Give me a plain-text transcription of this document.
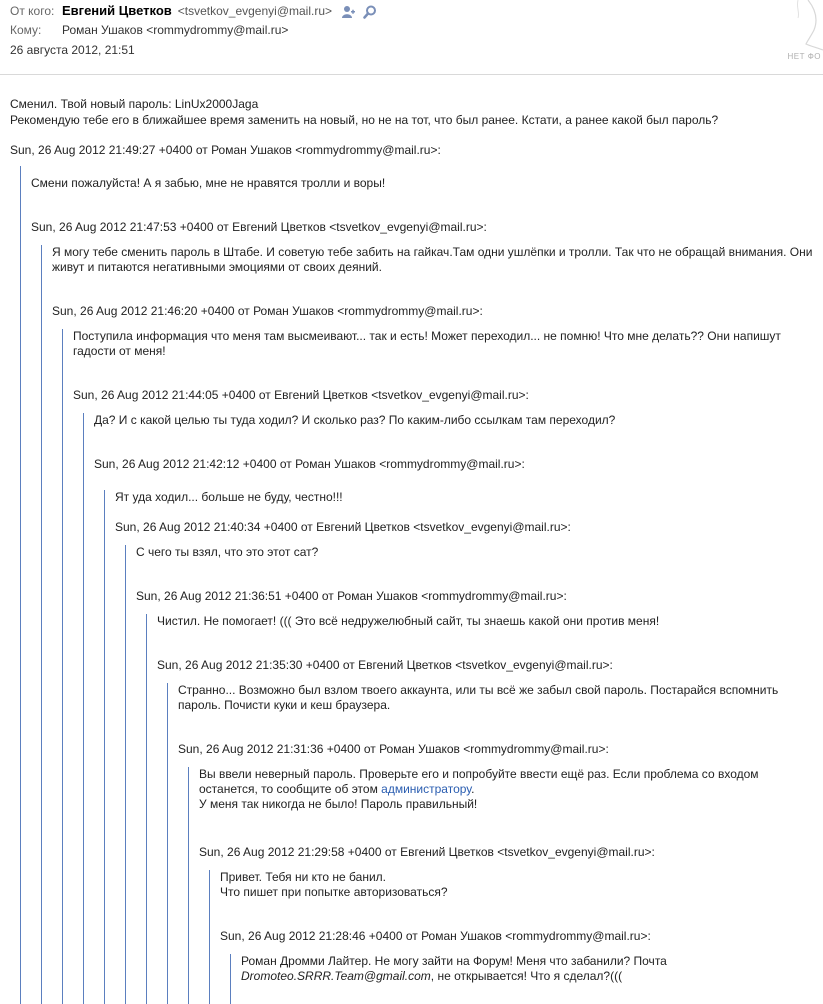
От кого: Евгений Цветков <tsvetkov_evgenyi@mail.ru>
Кому: Роман Ушаков <rommydrommy@mail.ru>
26 августа 2012, 21:51	НЕТ ФО

Сменил. Твой новый пароль: LinUx2000Jaga

Рекомендую тебе его в ближайшее время заменить на новый, но не на тот, что был ранее. Кстати, а ранее какой был пароль?

Sun, 26 Aug 2012 21:49:27 +0400 от Роман Ушаков <rommydrommy@mail.ru>:
Смени пожалуйста! А я забью, мне не нравятся тролли и воры!
Sun, 26 Aug 2012 21:47:53 +0400 от Евгений Цветков <tsvetkov_evgenyi@mail.ru>:
Я могу тебе сменить пароль в Штабе. И советую тебе забить на гайкач.Там одни ушлёпки и тролли. Так что не обращай внимания. Они живут и питаются негативными эмоциями от своих деяний.
Sun, 26 Aug 2012 21:46:20 +0400 от Роман Ушаков <rommydrommy@mail.ru>:
Поступила информация что меня там высмеивают... так и есть! Может переходил... не помню! Что мне делать?? Они напишут гадости от меня!
Sun, 26 Aug 2012 21:44:05 +0400 от Евгений Цветков <tsvetkov_evgenyi@mail.ru>:
Да? И с какой целью ты туда ходил? И сколько раз? По каким-либо ссылкам там переходил?
Sun, 26 Aug 2012 21:42:12 +0400 от Роман Ушаков <rommydrommy@mail.ru>:
Ят уда ходил... больше не буду, честно!!!
Sun, 26 Aug 2012 21:40:34 +0400 от Евгений Цветков <tsvetkov_evgenyi@mail.ru>:
С чего ты взял, что это этот сат?
Sun, 26 Aug 2012 21:36:51 +0400 от Роман Ушаков <rommydrommy@mail.ru>:
Чистил. Не помогает! ((( Это всё недружелюбный сайт, ты знаешь какой они против меня!
Sun, 26 Aug 2012 21:35:30 +0400 от Евгений Цветков <tsvetkov_evgenyi@mail.ru>:
Странно... Возможно был взлом твоего аккаунта, или ты всё же забыл свой пароль. Постарайся вспомнить пароль. Почисти куки и кеш браузера.
Sun, 26 Aug 2012 21:31:36 +0400 от Роман Ушаков <rommydrommy@mail.ru>:
Вы ввели неверный пароль. Проверьте его и попробуйте ввести ещё раз. Если проблема со входом останется, то сообщите об этом администратору.
У меня так никогда не было! Пароль правильный!
Sun, 26 Aug 2012 21:29:58 +0400 от Евгений Цветков <tsvetkov_evgenyi@mail.ru>:
Привет. Тебя ни кто не банил.
Что пишет при попытке авторизоваться?
Sun, 26 Aug 2012 21:28:46 +0400 от Роман Ушаков <rommydrommy@mail.ru>:
Роман Дромми Лайтер. Не могу зайти на Форум! Меня что забанили? Почта
Dromoteo.SRRR.Team@gmail.com, не открывается! Что я сделал?(((
